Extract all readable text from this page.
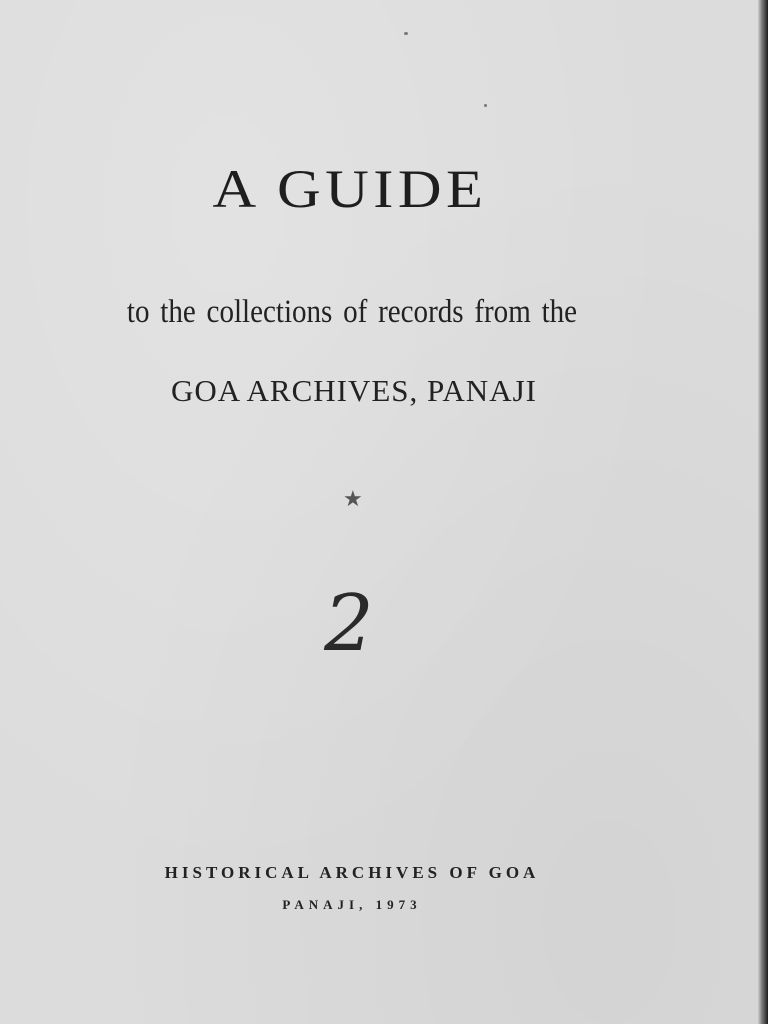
A GUIDE
to the collections of records from the
GOA ARCHIVES, PANAJI
★
2
HISTORICAL ARCHIVES OF GOA
PANAJI, 1973
